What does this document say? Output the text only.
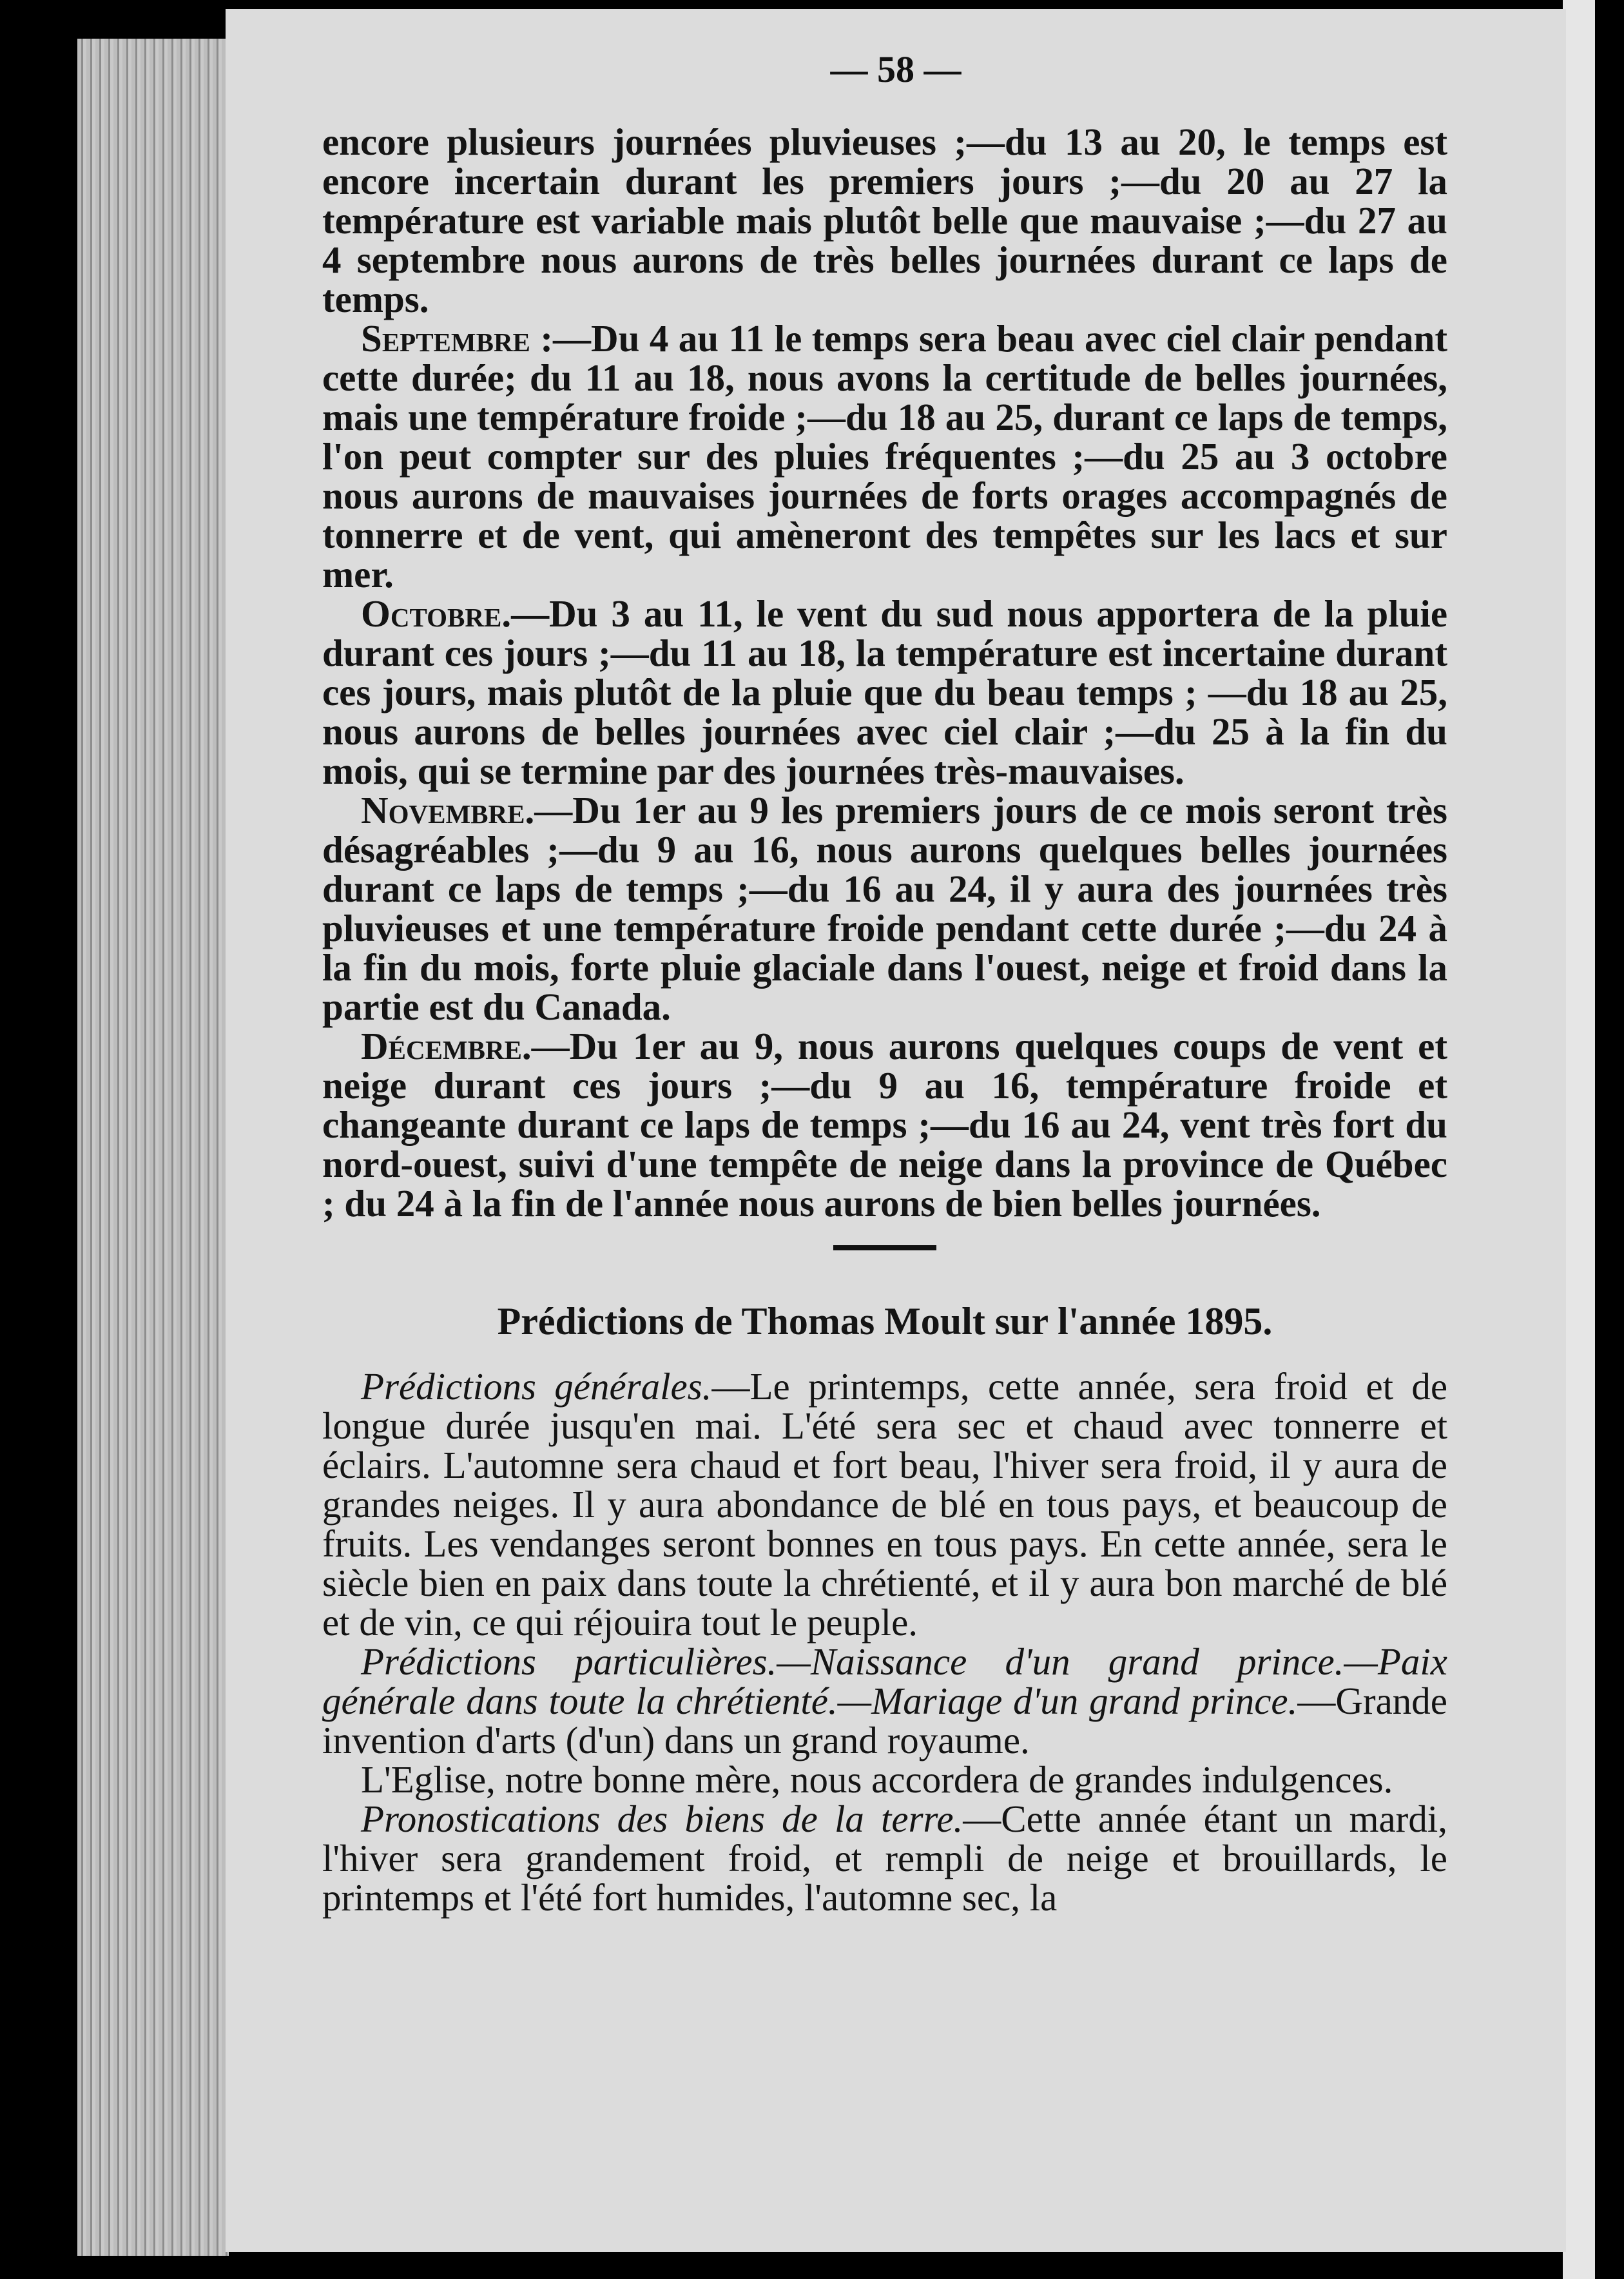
— 58 —

encore plusieurs journées pluvieuses ;—du 13 au 20, le temps est encore incertain durant les premiers jours ;—du 20 au 27 la température est variable mais plutôt belle que mauvaise ;—du 27 au 4 septembre nous aurons de très belles journées durant ce laps de temps.

Septembre :—Du 4 au 11 le temps sera beau avec ciel clair pendant cette durée; du 11 au 18, nous avons la certitude de belles journées, mais une température froide ;—du 18 au 25, durant ce laps de temps, l'on peut compter sur des pluies fréquentes ;—du 25 au 3 octobre nous aurons de mauvaises journées de forts orages accompagnés de tonnerre et de vent, qui amèneront des tempêtes sur les lacs et sur mer.

Octobre.—Du 3 au 11, le vent du sud nous apportera de la pluie durant ces jours ;—du 11 au 18, la température est incertaine durant ces jours, mais plutôt de la pluie que du beau temps ; —du 18 au 25, nous aurons de belles journées avec ciel clair ;—du 25 à la fin du mois, qui se termine par des journées très-mauvaises.

Novembre.—Du 1er au 9 les premiers jours de ce mois seront très désagréables ;—du 9 au 16, nous aurons quelques belles journées durant ce laps de temps ;—du 16 au 24, il y aura des journées très pluvieuses et une température froide pendant cette durée ;—du 24 à la fin du mois, forte pluie glaciale dans l'ouest, neige et froid dans la partie est du Canada.

Décembre.—Du 1er au 9, nous aurons quelques coups de vent et neige durant ces jours ;—du 9 au 16, température froide et changeante durant ce laps de temps ;—du 16 au 24, vent très fort du nord-ouest, suivi d'une tempête de neige dans la province de Québec ; du 24 à la fin de l'année nous aurons de bien belles journées.

Prédictions de Thomas Moult sur l'année 1895.

Prédictions générales.—Le printemps, cette année, sera froid et de longue durée jusqu'en mai. L'été sera sec et chaud avec tonnerre et éclairs. L'automne sera chaud et fort beau, l'hiver sera froid, il y aura de grandes neiges. Il y aura abondance de blé en tous pays, et beaucoup de fruits. Les vendanges seront bonnes en tous pays. En cette année, sera le siècle bien en paix dans toute la chrétienté, et il y aura bon marché de blé et de vin, ce qui réjouira tout le peuple.

Prédictions particulières.—Naissance d'un grand prince.—Paix générale dans toute la chrétienté.—Mariage d'un grand prince.—Grande invention d'arts (d'un) dans un grand royaume.

L'Eglise, notre bonne mère, nous accordera de grandes indulgences.

Pronostications des biens de la terre.—Cette année étant un mardi, l'hiver sera grandement froid, et rempli de neige et brouillards, le printemps et l'été fort humides, l'automne sec, la
